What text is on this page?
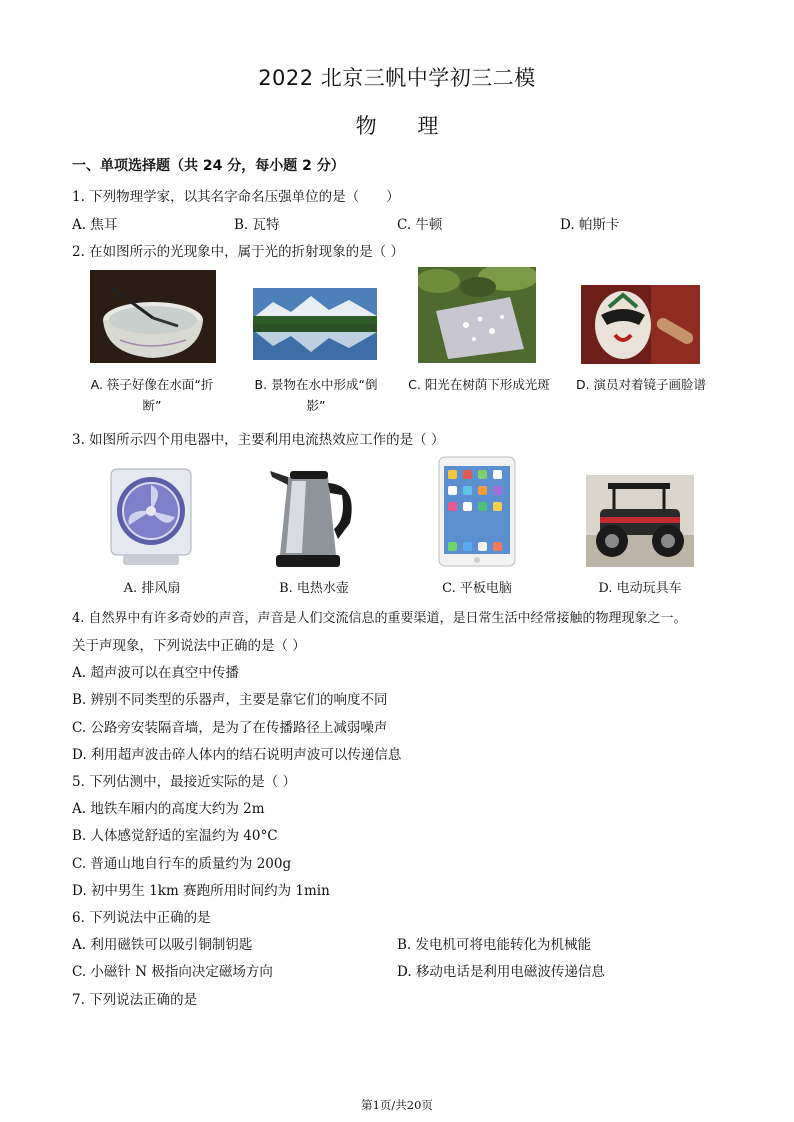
2022 北京三帆中学初三二模
物 理
一、单项选择题（共 24 分，每小题 2 分）
1. 下列物理学家，以其名字命名压强单位的是（　　）
A. 焦耳	B. 瓦特	C. 牛顿	D. 帕斯卡
2. 在如图所示的光现象中，属于光的折射现象的是（ ）
A. 筷子好像在水面“折
断”
B. 景物在水中形成“倒
影”
C. 阳光在树荫下形成光斑	D. 演员对着镜子画脸谱
3. 如图所示四个用电器中，主要利用电流热效应工作的是（ ）
A. 排风扇	B. 电热水壶	C. 平板电脑	D. 电动玩具车
4. 自然界中有许多奇妙的声音，声音是人们交流信息的重要渠道，是日常生活中经常接触的物理现象之一。
关于声现象，下列说法中正确的是（ ）
A. 超声波可以在真空中传播
B. 辨别不同类型的乐器声，主要是靠它们的响度不同
C. 公路旁安装隔音墙，是为了在传播路径上减弱噪声
D. 利用超声波击碎人体内的结石说明声波可以传递信息
5. 下列估测中，最接近实际的是（ ）
A. 地铁车厢内的高度大约为 2m
B. 人体感觉舒适的室温约为 40°C
C. 普通山地自行车的质量约为 200g
D. 初中男生 1km 赛跑所用时间约为 1min
6. 下列说法中正确的是
A. 利用磁铁可以吸引铜制钥匙	B. 发电机可将电能转化为机械能
C. 小磁针 N 极指向决定磁场方向	D. 移动电话是利用电磁波传递信息
7. 下列说法正确的是
第1页/共20页
